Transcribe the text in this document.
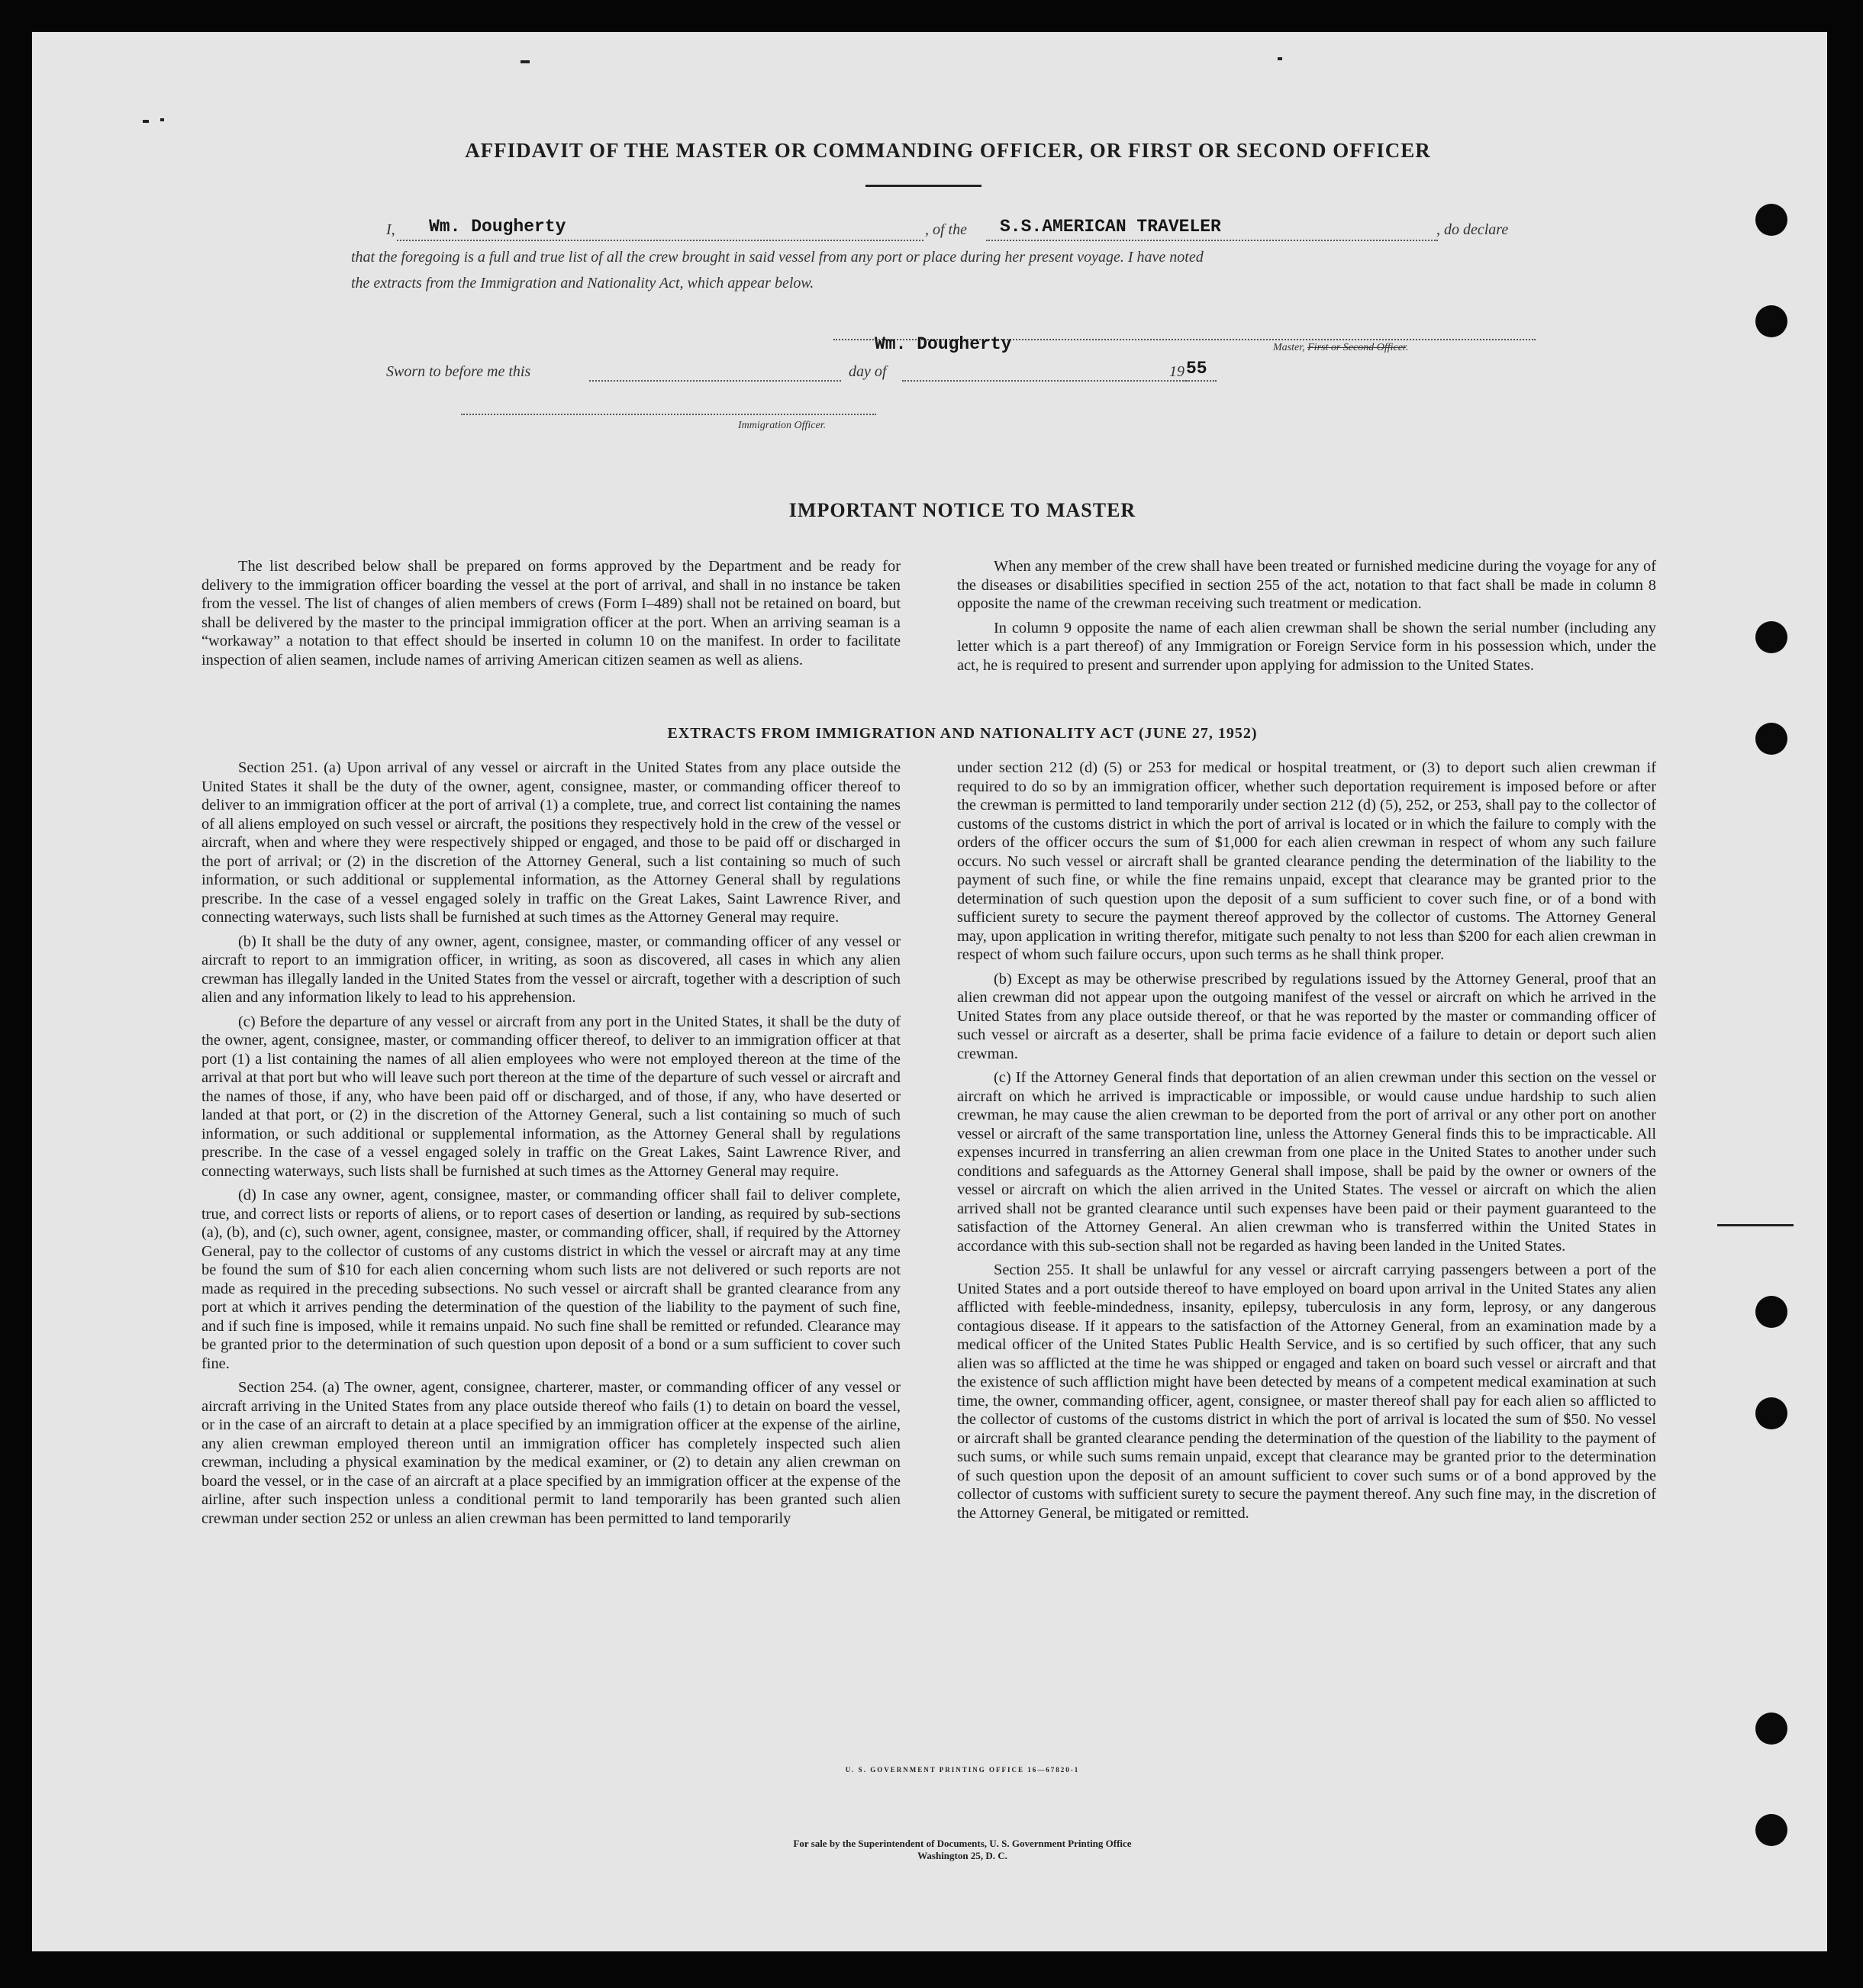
AFFIDAVIT OF THE MASTER OR COMMANDING OFFICER, OR FIRST OR SECOND OFFICER
I, Wm. Dougherty	, of the S.S.AMERICAN TRAVELER	, do declare
that the foregoing is a full and true list of all the crew brought in said vessel from any port or place during her present voyage. I have noted
the extracts from the Immigration and Nationality Act, which appear below.
Wm. Dougherty	Master, First or Second Officer.
Sworn to before me this	day of	19 55
Immigration Officer.
IMPORTANT NOTICE TO MASTER

The list described below shall be prepared on forms approved by the Department and be ready for delivery to the immigration officer boarding the vessel at the port of arrival, and shall in no instance be taken from the vessel. The list of changes of alien members of crews (Form I–489) shall not be retained on board, but shall be delivered by the master to the principal immigration officer at the port. When an arriving seaman is a “workaway” a notation to that effect should be inserted in column 10 on the manifest. In order to facilitate inspection of alien seamen, include names of arriving American citizen seamen as well as aliens.

When any member of the crew shall have been treated or furnished medicine during the voyage for any of the diseases or disabilities specified in section 255 of the act, notation to that fact shall be made in column 8 opposite the name of the crewman receiving such treatment or medication.

In column 9 opposite the name of each alien crewman shall be shown the serial number (including any letter which is a part thereof) of any Immigration or Foreign Service form in his possession which, under the act, he is required to present and surrender upon applying for admission to the United States.

EXTRACTS FROM IMMIGRATION AND NATIONALITY ACT (JUNE 27, 1952)

Section 251. (a) Upon arrival of any vessel or aircraft in the United States from any place outside the United States it shall be the duty of the owner, agent, consignee, master, or commanding officer thereof to deliver to an immigration officer at the port of arrival (1) a complete, true, and correct list containing the names of all aliens employed on such vessel or aircraft, the positions they respectively hold in the crew of the vessel or aircraft, when and where they were respectively shipped or engaged, and those to be paid off or discharged in the port of arrival; or (2) in the discretion of the Attorney General, such a list containing so much of such information, or such additional or supplemental information, as the Attorney General shall by regulations prescribe. In the case of a vessel engaged solely in traffic on the Great Lakes, Saint Lawrence River, and connecting waterways, such lists shall be furnished at such times as the Attorney General may require.

(b) It shall be the duty of any owner, agent, consignee, master, or commanding officer of any vessel or aircraft to report to an immigration officer, in writing, as soon as discovered, all cases in which any alien crewman has illegally landed in the United States from the vessel or aircraft, together with a description of such alien and any information likely to lead to his apprehension.

(c) Before the departure of any vessel or aircraft from any port in the United States, it shall be the duty of the owner, agent, consignee, master, or commanding officer thereof, to deliver to an immigration officer at that port (1) a list containing the names of all alien employees who were not employed thereon at the time of the arrival at that port but who will leave such port thereon at the time of the departure of such vessel or aircraft and the names of those, if any, who have been paid off or discharged, and of those, if any, who have deserted or landed at that port, or (2) in the discretion of the Attorney General, such a list containing so much of such information, or such additional or supplemental information, as the Attorney General shall by regulations prescribe. In the case of a vessel engaged solely in traffic on the Great Lakes, Saint Lawrence River, and connecting waterways, such lists shall be furnished at such times as the Attorney General may require.

(d) In case any owner, agent, consignee, master, or commanding officer shall fail to deliver complete, true, and correct lists or reports of aliens, or to report cases of desertion or landing, as required by sub-sections (a), (b), and (c), such owner, agent, consignee, master, or commanding officer, shall, if required by the Attorney General, pay to the collector of customs of any customs district in which the vessel or aircraft may at any time be found the sum of $10 for each alien concerning whom such lists are not delivered or such reports are not made as required in the preceding subsections. No such vessel or aircraft shall be granted clearance from any port at which it arrives pending the determination of the question of the liability to the payment of such fine, and if such fine is imposed, while it remains unpaid. No such fine shall be remitted or refunded. Clearance may be granted prior to the determination of such question upon deposit of a bond or a sum sufficient to cover such fine.

Section 254. (a) The owner, agent, consignee, charterer, master, or commanding officer of any vessel or aircraft arriving in the United States from any place outside thereof who fails (1) to detain on board the vessel, or in the case of an aircraft to detain at a place specified by an immigration officer at the expense of the airline, any alien crewman employed thereon until an immigration officer has completely inspected such alien crewman, including a physical examination by the medical examiner, or (2) to detain any alien crewman on board the vessel, or in the case of an aircraft at a place specified by an immigration officer at the expense of the airline, after such inspection unless a conditional permit to land temporarily has been granted such alien crewman under section 252 or unless an alien crewman has been permitted to land temporarily

under section 212 (d) (5) or 253 for medical or hospital treatment, or (3) to deport such alien crewman if required to do so by an immigration officer, whether such deportation requirement is imposed before or after the crewman is permitted to land temporarily under section 212 (d) (5), 252, or 253, shall pay to the collector of customs of the customs district in which the port of arrival is located or in which the failure to comply with the orders of the officer occurs the sum of $1,000 for each alien crewman in respect of whom any such failure occurs. No such vessel or aircraft shall be granted clearance pending the determination of the liability to the payment of such fine, or while the fine remains unpaid, except that clearance may be granted prior to the determination of such question upon the deposit of a sum sufficient to cover such fine, or of a bond with sufficient surety to secure the payment thereof approved by the collector of customs. The Attorney General may, upon application in writing therefor, mitigate such penalty to not less than $200 for each alien crewman in respect of whom such failure occurs, upon such terms as he shall think proper.

(b) Except as may be otherwise prescribed by regulations issued by the Attorney General, proof that an alien crewman did not appear upon the outgoing manifest of the vessel or aircraft on which he arrived in the United States from any place outside thereof, or that he was reported by the master or commanding officer of such vessel or aircraft as a deserter, shall be prima facie evidence of a failure to detain or deport such alien crewman.

(c) If the Attorney General finds that deportation of an alien crewman under this section on the vessel or aircraft on which he arrived is impracticable or impossible, or would cause undue hardship to such alien crewman, he may cause the alien crewman to be deported from the port of arrival or any other port on another vessel or aircraft of the same transportation line, unless the Attorney General finds this to be impracticable. All expenses incurred in transferring an alien crewman from one place in the United States to another under such conditions and safeguards as the Attorney General shall impose, shall be paid by the owner or owners of the vessel or aircraft on which the alien arrived in the United States. The vessel or aircraft on which the alien arrived shall not be granted clearance until such expenses have been paid or their payment guaranteed to the satisfaction of the Attorney General. An alien crewman who is transferred within the United States in accordance with this sub-section shall not be regarded as having been landed in the United States.

Section 255. It shall be unlawful for any vessel or aircraft carrying passengers between a port of the United States and a port outside thereof to have employed on board upon arrival in the United States any alien afflicted with feeble-mindedness, insanity, epilepsy, tuberculosis in any form, leprosy, or any dangerous contagious disease. If it appears to the satisfaction of the Attorney General, from an examination made by a medical officer of the United States Public Health Service, and is so certified by such officer, that any such alien was so afflicted at the time he was shipped or engaged and taken on board such vessel or aircraft and that the existence of such affliction might have been detected by means of a competent medical examination at such time, the owner, commanding officer, agent, consignee, or master thereof shall pay for each alien so afflicted to the collector of customs of the customs district in which the port of arrival is located the sum of $50. No vessel or aircraft shall be granted clearance pending the determination of the question of the liability to the payment of such sums, or while such sums remain unpaid, except that clearance may be granted prior to the determination of such question upon the deposit of an amount sufficient to cover such sums or of a bond approved by the collector of customs with sufficient surety to secure the payment thereof. Any such fine may, in the discretion of the Attorney General, be mitigated or remitted.

U. S. GOVERNMENT PRINTING OFFICE 16—67820-1
For sale by the Superintendent of Documents, U. S. Government Printing Office
Washington 25, D. C.
